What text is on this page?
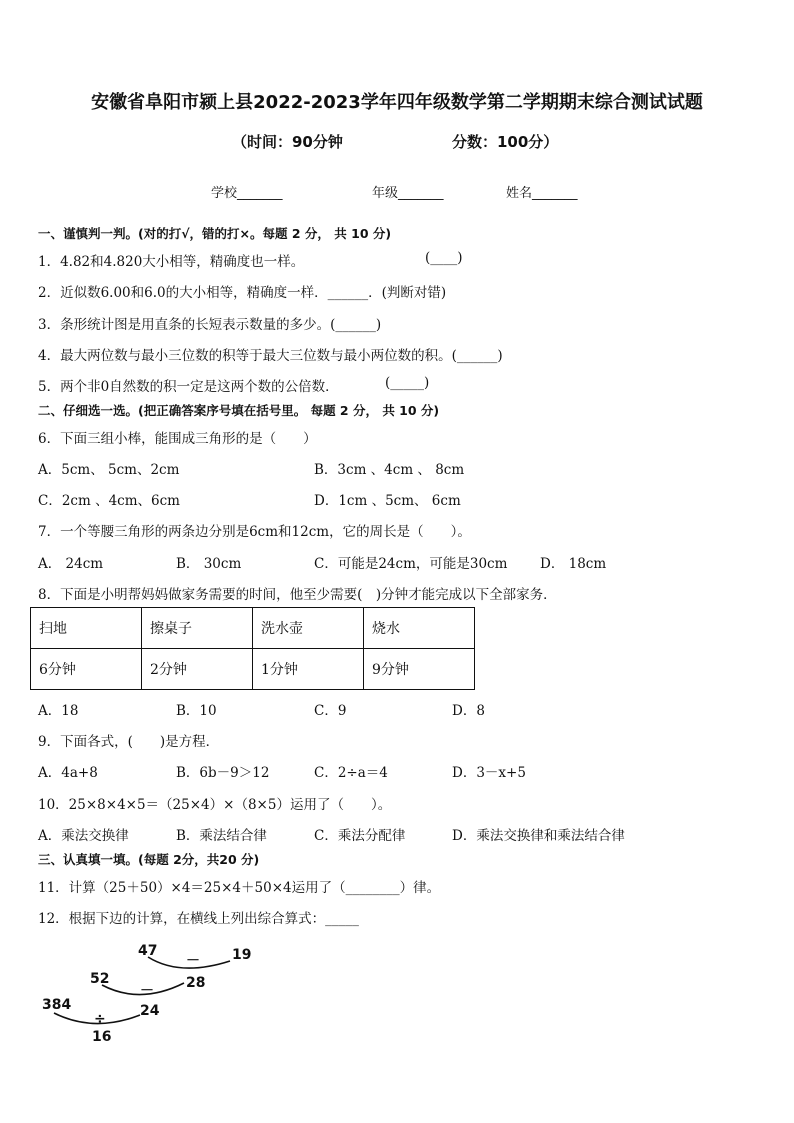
安徽省阜阳市颍上县2022-2023学年四年级数学第二学期期末综合测试试题
（时间：90分钟	分数：100分）
学校_______	年级_______	姓名_______
一、谨慎判一判。(对的打√，错的打×。每题 2 分， 共 10 分)
1．4.82和4.820大小相等，精确度也一样。	(____)
2．近似数6.00和6.0的大小相等，精确度一样．______．(判断对错)
3．条形统计图是用直条的长短表示数量的多少。(______)
4．最大两位数与最小三位数的积等于最大三位数与最小两位数的积。(______)
5．两个非0自然数的积一定是这两个数的公倍数．	(_____)
二、仔细选一选。(把正确答案序号填在括号里。 每题 2 分， 共 10 分)
6．下面三组小棒，能围成三角形的是（　　）
A．5cm、 5cm、2cm	B．3cm 、4cm 、 8cm
C．2cm 、4cm、6cm	D．1cm 、5cm、 6cm
7．一个等腰三角形的两条边分别是6cm和12cm，它的周长是（　　）。
A． 24cm	B． 30cm	C．可能是24cm，可能是30cm D． 18cm
8．下面是小明帮妈妈做家务需要的时间，他至少需要(　)分钟才能完成以下全部家务．
扫地	擦桌子	洗水壶	烧水
6分钟	2分钟	1分钟	9分钟
A．18	B．10	C．9	D．8
9．下面各式，(　　)是方程．
A．4a+8	B．6b－9＞12	C．2÷a＝4	D．3－x+5
10．25×8×4×5＝（25×4）×（8×5）运用了（　　）。
A．乘法交换律	B．乘法结合律	C．乘法分配律	D．乘法交换律和乘法结合律
三、认真填一填。(每题 2分，共20 分)
11．计算（25＋50）×4＝25×4＋50×4运用了（________）律。
12．根据下边的计算，在横线上列出综合算式：_____
47	19
－
52	28
－
384	24
÷
16
